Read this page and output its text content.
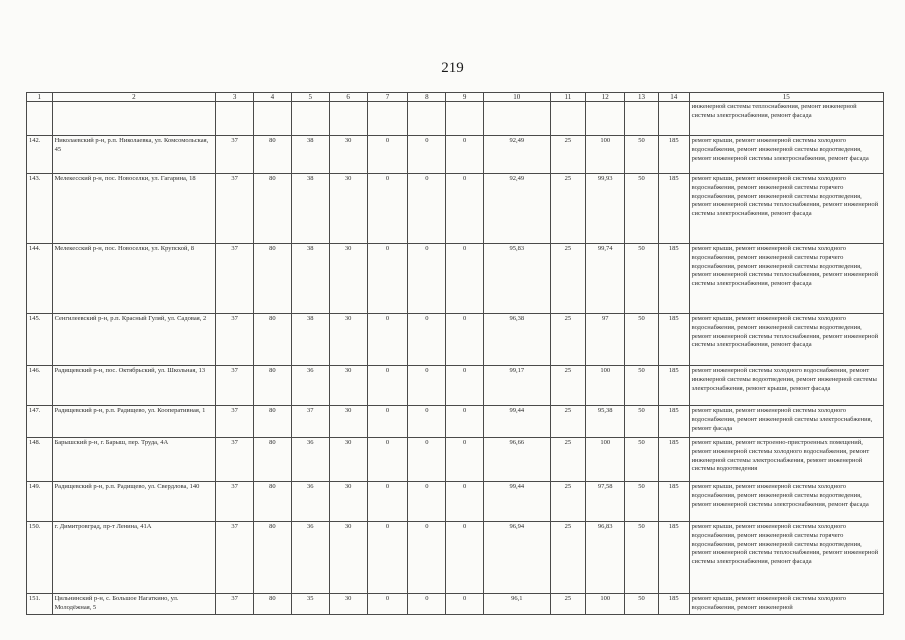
219
1	2	3	4	5	6	7	8	9	10	11	12	13	14	15
														инженерной системы теплоснабжения, ремонт инженерной системы электроснабжения, ремонт фасада
142.	Николаевский р-н, р.п. Николаевка, ул. Комсомольская, 45	37	80	38	30	0	0	0	92,49	25	100	50	185	ремонт крыши, ремонт инженерной системы холодного водоснабжения, ремонт инженерной системы водоотведения, ремонт инженерной системы электроснабжения, ремонт фасада
143.	Мелекесский р-н, пос. Новоселки, ул. Гагарина, 18	37	80	38	30	0	0	0	92,49	25	99,93	50	185	ремонт крыши, ремонт инженерной системы холодного водоснабжения, ремонт инженерной системы горячего водоснабжения, ремонт инженерной системы водоотведения, ремонт инженерной системы теплоснабжения, ремонт инженерной системы электроснабжения, ремонт фасада
144.	Мелекесский р-н, пос. Новоселки, ул. Крупской, 8	37	80	38	30	0	0	0	95,83	25	99,74	50	185	ремонт крыши, ремонт инженерной системы холодного водоснабжения, ремонт инженерной системы горячего водоснабжения, ремонт инженерной системы водоотведения, ремонт инженерной системы теплоснабжения, ремонт инженерной системы электроснабжения, ремонт фасада
145.	Сенгилеевский р-н, р.п. Красный Гуляй, ул. Садовая, 2	37	80	38	30	0	0	0	96,38	25	97	50	185	ремонт крыши, ремонт инженерной системы холодного водоснабжения, ремонт инженерной системы водоотведения, ремонт инженерной системы теплоснабжения, ремонт инженерной системы электроснабжения, ремонт фасада
146.	Радищевский р-н, пос. Октябрьский, ул. Школьная, 13	37	80	36	30	0	0	0	99,17	25	100	50	185	ремонт инженерной системы холодного водоснабжения, ремонт инженерной системы водоотведения, ремонт инженерной системы электроснабжения, ремонт крыши, ремонт фасада
147.	Радищевский р-н, р.п. Радищево, ул. Кооперативная, 1	37	80	37	30	0	0	0	99,44	25	95,38	50	185	ремонт крыши, ремонт инженерной системы холодного водоснабжения, ремонт инженерной системы электроснабжения, ремонт фасада
148.	Барышский р-н, г. Барыш, пер. Труда, 4А	37	80	36	30	0	0	0	96,66	25	100	50	185	ремонт крыши, ремонт встроенно-пристроенных помещений, ремонт инженерной системы холодного водоснабжения, ремонт инженерной системы электроснабжения, ремонт инженерной системы водоотведения
149.	Радищевский р-н, р.п. Радищево, ул. Свердлова, 140	37	80	36	30	0	0	0	99,44	25	97,58	50	185	ремонт крыши, ремонт инженерной системы холодного водоснабжения, ремонт инженерной системы водоотведения, ремонт инженерной системы электроснабжения, ремонт фасада
150.	г. Димитровград, пр-т Ленина, 41А	37	80	36	30	0	0	0	96,94	25	96,83	50	185	ремонт крыши, ремонт инженерной системы холодного водоснабжения, ремонт инженерной системы горячего водоснабжения, ремонт инженерной системы водоотведения, ремонт инженерной системы теплоснабжения, ремонт инженерной системы электроснабжения, ремонт фасада
151.	Цильнинский р-н, с. Большое Нагаткино, ул. Молодёжная, 5	37	80	35	30	0	0	0	96,1	25	100	50	185	ремонт крыши, ремонт инженерной системы холодного водоснабжения, ремонт инженерной
